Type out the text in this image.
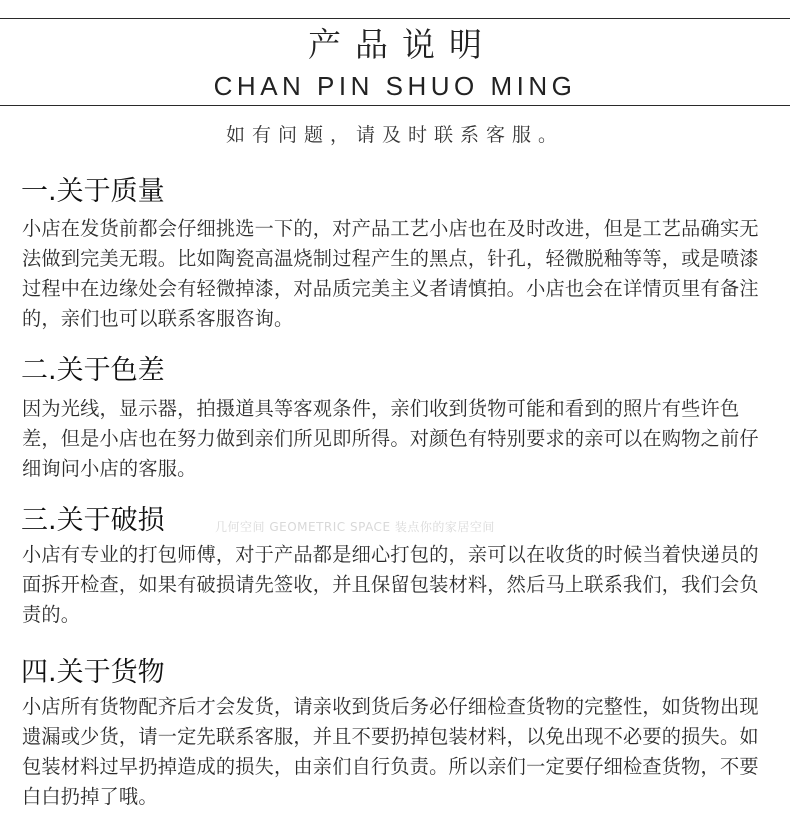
产品说明
CHAN PIN SHUO MING
如有问题，请及时联系客服。
一.关于质量
小店在发货前都会仔细挑选一下的，对产品工艺小店也在及时改进，但是工艺品确实无法做到完美无瑕。比如陶瓷高温烧制过程产生的黑点，针孔，轻微脱釉等等，或是喷漆过程中在边缘处会有轻微掉漆，对品质完美主义者请慎拍。小店也会在详情页里有备注的，亲们也可以联系客服咨询。
二.关于色差
因为光线，显示器，拍摄道具等客观条件，亲们收到货物可能和看到的照片有些许色差，但是小店也在努力做到亲们所见即所得。对颜色有特别要求的亲可以在购物之前仔细询问小店的客服。
三.关于破损	几何空间 GEOMETRIC SPACE 装点你的家居空间
小店有专业的打包师傅，对于产品都是细心打包的，亲可以在收货的时候当着快递员的面拆开检查，如果有破损请先签收，并且保留包装材料，然后马上联系我们，我们会负责的。
四.关于货物
小店所有货物配齐后才会发货，请亲收到货后务必仔细检查货物的完整性，如货物出现遗漏或少货，请一定先联系客服，并且不要扔掉包装材料，以免出现不必要的损失。如包装材料过早扔掉造成的损失，由亲们自行负责。所以亲们一定要仔细检查货物，不要白白扔掉了哦。
